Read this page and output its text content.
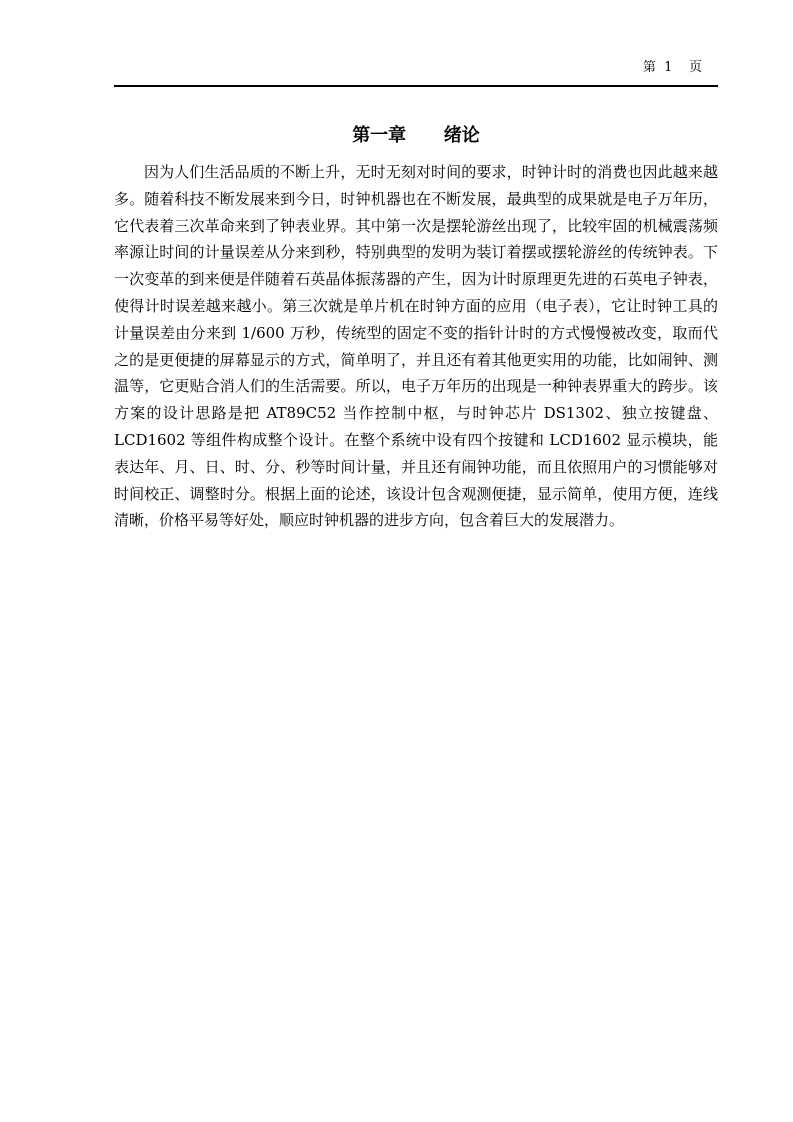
第  1    页
第一章      绪论

因为人们生活品质的不断上升，无时无刻对时间的要求，时钟计时的消费也因此越来越多。随着科技不断发展来到今日，时钟机器也在不断发展，最典型的成果就是电子万年历，它代表着三次革命来到了钟表业界。其中第一次是摆轮游丝出现了，比较牢固的机械震荡频率源让时间的计量误差从分来到秒，特别典型的发明为装订着摆或摆轮游丝的传统钟表。下一次变革的到来便是伴随着石英晶体振荡器的产生，因为计时原理更先进的石英电子钟表，使得计时误差越来越小。第三次就是单片机在时钟方面的应用（电子表），它让时钟工具的计量误差由分来到 1/600 万秒，传统型的固定不变的指针计时的方式慢慢被改变，取而代之的是更便捷的屏幕显示的方式，简单明了，并且还有着其他更实用的功能，比如闹钟、测温等，它更贴合消人们的生活需要。所以，电子万年历的出现是一种钟表界重大的跨步。该方案的设计思路是把 AT89C52 当作控制中枢，与时钟芯片 DS1302、独立按键盘、LCD1602 等组件构成整个设计。在整个系统中设有四个按键和 LCD1602 显示模块，能表达年、月、日、时、分、秒等时间计量，并且还有闹钟功能，而且依照用户的习惯能够对时间校正、调整时分。根据上面的论述，该设计包含观测便捷，显示简单，使用方便，连线清晰，价格平易等好处，顺应时钟机器的进步方向，包含着巨大的发展潜力。
